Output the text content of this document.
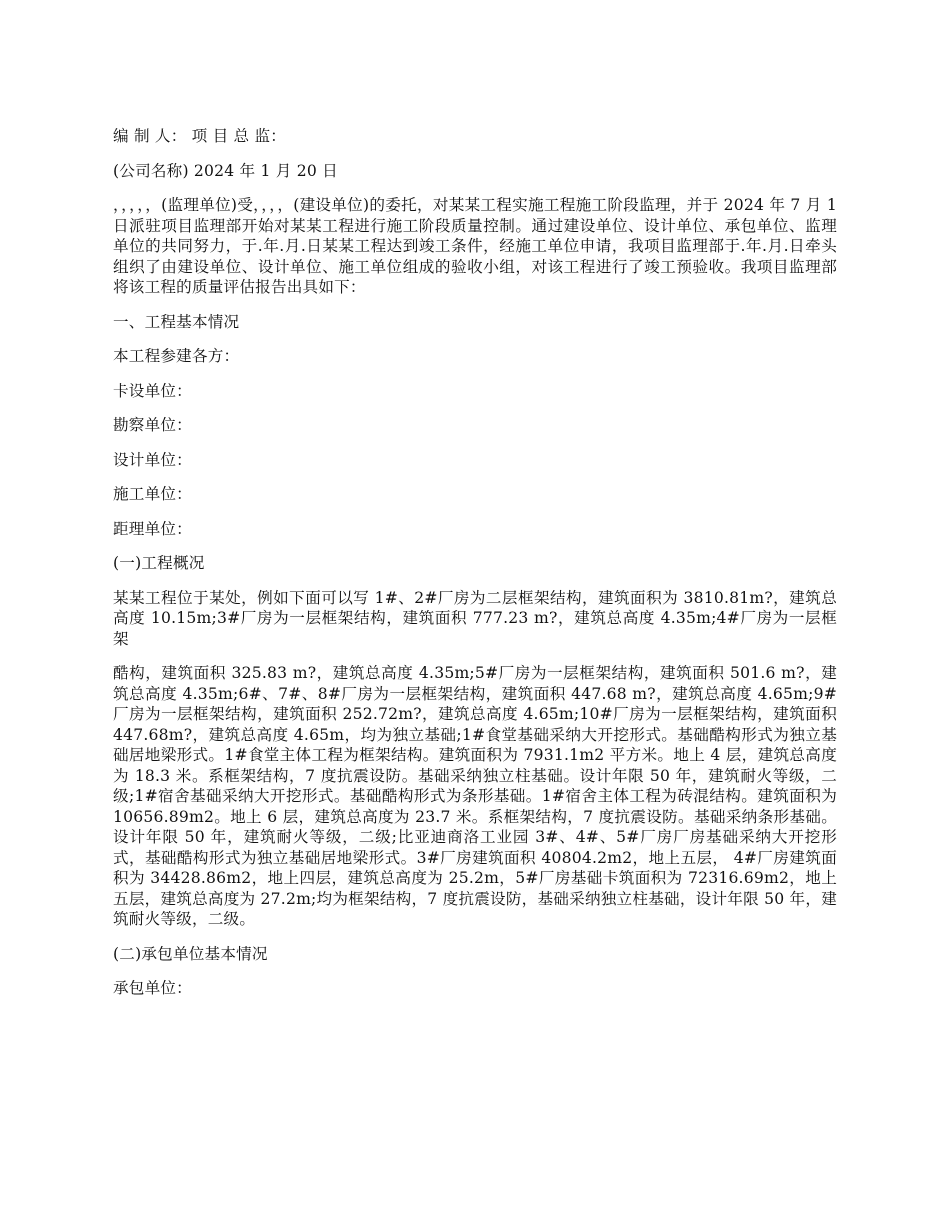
编 制 人： 项 目 总 监：

(公司名称) 2024 年 1 月 20 日

，，，，，(监理单位)受，，，，(建设单位)的委托，对某某工程实施工程施工阶段监理，并于 2024 年 7 月 1 日派驻项目监理部开始对某某工程进行施工阶段质量控制。通过建设单位、设计单位、承包单位、监理单位的共同努力，于.年.月.日某某工程达到竣工条件，经施工单位申请，我项目监理部于.年.月.日牵头组织了由建设单位、设计单位、施工单位组成的验收小组，对该工程进行了竣工预验收。我项目监理部将该工程的质量评估报告出具如下：

一、工程基本情况

本工程参建各方：

卡设单位：

勘察单位：

设计单位：

施工单位：

距理单位：

(一)工程概况

某某工程位于某处，例如下面可以写 1#、2#厂房为二层框架结构，建筑面积为 3810.81m?，建筑总高度 10.15m;3#厂房为一层框架结构，建筑面积 777.23 m?，建筑总高度 4.35m;4#厂房为一层框架

酷构，建筑面积 325.83 m?，建筑总高度 4.35m;5#厂房为一层框架结构，建筑面积 501.6 m?，建筑总高度 4.35m;6#、7#、8#厂房为一层框架结构，建筑面积 447.68 m?，建筑总高度 4.65m;9#厂房为一层框架结构，建筑面积 252.72m?，建筑总高度 4.65m;10#厂房为一层框架结构，建筑面积 447.68m?，建筑总高度 4.65m，均为独立基础;1#食堂基础采纳大开挖形式。基础酷构形式为独立基础居地梁形式。1#食堂主体工程为框架结构。建筑面积为 7931.1m2 平方米。地上 4 层，建筑总高度为 18.3 米。系框架结构，7 度抗震设防。基础采纳独立柱基础。设计年限 50 年，建筑耐火等级，二级;1#宿舍基础采纳大开挖形式。基础酷构形式为条形基础。1#宿舍主体工程为砖混结构。建筑面积为 10656.89m2。地上 6 层，建筑总高度为 23.7 米。系框架结构，7 度抗震设防。基础采纳条形基础。设计年限 50 年，建筑耐火等级，二级;比亚迪商洛工业园 3#、4#、5#厂房厂房基础采纳大开挖形式，基础酷构形式为独立基础居地梁形式。3#厂房建筑面积 40804.2m2，地上五层， 4#厂房建筑面积为 34428.86m2，地上四层，建筑总高度为 25.2m，5#厂房基础卡筑面积为 72316.69m2，地上五层，建筑总高度为 27.2m;均为框架结构，7 度抗震设防，基础采纳独立柱基础，设计年限 50 年，建筑耐火等级，二级。

(二)承包单位基本情况

承包单位：
